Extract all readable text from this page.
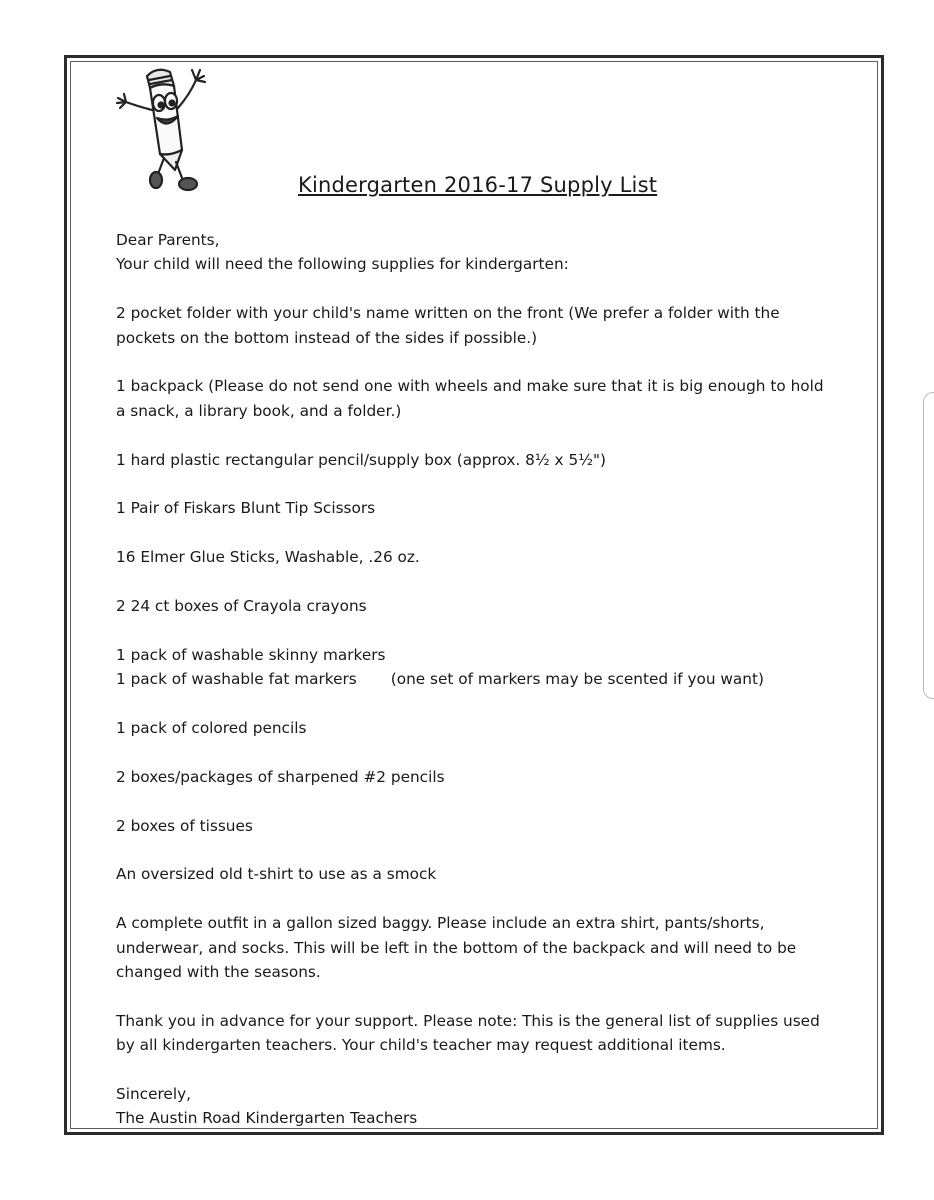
Kindergarten 2016-17 Supply List

Dear Parents,

Your child will need the following supplies for kindergarten:

2 pocket folder with your child's name written on the front (We prefer a folder with the pockets on the bottom instead of the sides if possible.)

1 backpack (Please do not send one with wheels and make sure that it is big enough to hold a snack, a library book, and a folder.)

1 hard plastic rectangular pencil/supply box (approx. 8½ x 5½")

1 Pair of Fiskars Blunt Tip Scissors

16 Elmer Glue Sticks, Washable, .26 oz.

2 24 ct boxes of Crayola crayons

1 pack of washable skinny markers

1 pack of washable fat markers (one set of markers may be scented if you want)

1 pack of colored pencils

2 boxes/packages of sharpened #2 pencils

2 boxes of tissues

An oversized old t-shirt to use as a smock

A complete outfit in a gallon sized baggy. Please include an extra shirt, pants/shorts, underwear, and socks. This will be left in the bottom of the backpack and will need to be changed with the seasons.

Thank you in advance for your support. Please note: This is the general list of supplies used by all kindergarten teachers. Your child's teacher may request additional items.

Sincerely,

The Austin Road Kindergarten Teachers
